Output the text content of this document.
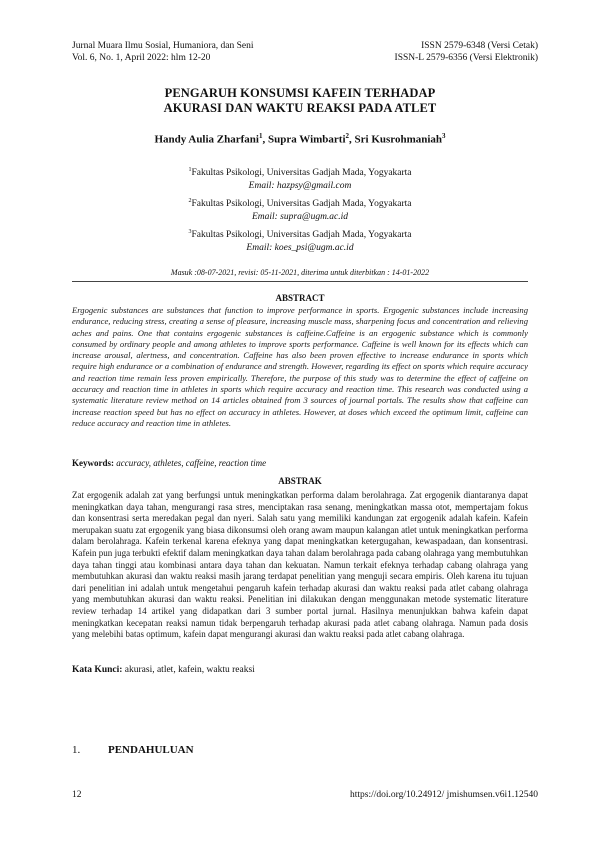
Jurnal Muara Ilmu Sosial, Humaniora, dan Seni
Vol. 6, No. 1, April 2022: hlm 12-20
ISSN 2579-6348 (Versi Cetak)
ISSN-L 2579-6356 (Versi Elektronik)
PENGARUH KONSUMSI KAFEIN TERHADAP
AKURASI DAN WAKTU REAKSI PADA ATLET
Handy Aulia Zharfani$^1$, Supra Wimbarti$^2$, Sri Kusrohmaniah$^3$
$^1$Fakultas Psikologi, Universitas Gadjah Mada, Yogyakarta
Email: hazpsy@gmail.com
$^2$Fakultas Psikologi, Universitas Gadjah Mada, Yogyakarta
Email: supra@ugm.ac.id
$^3$Fakultas Psikologi, Universitas Gadjah Mada, Yogyakarta
Email: koes_psi@ugm.ac.id
Masuk :08-07-2021, revisi: 05-11-2021, diterima untuk diterbitkan : 14-01-2022
ABSTRACT
Ergogenic substances are substances that function to improve performance in sports. Ergogenic substances include increasing endurance, reducing stress, creating a sense of pleasure, increasing muscle mass, sharpening focus and concentration and relieving aches and pains. One that contains ergogenic substances is caffeine.Caffeine is an ergogenic substance which is commonly consumed by ordinary people and among athletes to improve sports performance. Caffeine is well known for its effects which can increase arousal, alertness, and concentration. Caffeine has also been proven effective to increase endurance in sports which require high endurance or a combination of endurance and strength. However, regarding its effect on sports which require accuracy and reaction time remain less proven empirically. Therefore, the purpose of this study was to determine the effect of caffeine on accuracy and reaction time in athletes in sports which require accuracy and reaction time. This research was conducted using a systematic literature review method on 14 articles obtained from 3 sources of journal portals. The results show that caffeine can increase reaction speed but has no effect on accuracy in athletes. However, at doses which exceed the optimum limit, caffeine can reduce accuracy and reaction time in athletes.
Keywords: accuracy, athletes, caffeine, reaction time
ABSTRAK
Zat ergogenik adalah zat yang berfungsi untuk meningkatkan performa dalam berolahraga. Zat ergogenik diantaranya dapat meningkatkan daya tahan, mengurangi rasa stres, menciptakan rasa senang, meningkatkan massa otot, mempertajam fokus dan konsentrasi serta meredakan pegal dan nyeri. Salah satu yang memiliki kandungan zat ergogenik adalah kafein. Kafein merupakan suatu zat ergogenik yang biasa dikonsumsi oleh orang awam maupun kalangan atlet untuk meningkatkan performa dalam berolahraga. Kafein terkenal karena efeknya yang dapat meningkatkan ketergugahan, kewaspadaan, dan konsentrasi. Kafein pun juga terbukti efektif dalam meningkatkan daya tahan dalam berolahraga pada cabang olahraga yang membutuhkan daya tahan tinggi atau kombinasi antara daya tahan dan kekuatan. Namun terkait efeknya terhadap cabang olahraga yang membutuhkan akurasi dan waktu reaksi masih jarang terdapat penelitian yang menguji secara empiris. Oleh karena itu tujuan dari penelitian ini adalah untuk mengetahui pengaruh kafein terhadap akurasi dan waktu reaksi pada atlet cabang olahraga yang membutuhkan akurasi dan waktu reaksi. Penelitian ini dilakukan dengan menggunakan metode systematic literature review terhadap 14 artikel yang didapatkan dari 3 sumber portal jurnal. Hasilnya menunjukkan bahwa kafein dapat meningkatkan kecepatan reaksi namun tidak berpengaruh terhadap akurasi pada atlet cabang olahraga. Namun pada dosis yang melebihi batas optimum, kafein dapat mengurangi akurasi dan waktu reaksi pada atlet cabang olahraga.
Kata Kunci: akurasi, atlet, kafein, waktu reaksi
1.	PENDAHULUAN
12	https://doi.org/10.24912/ jmishumsen.v6i1.12540
